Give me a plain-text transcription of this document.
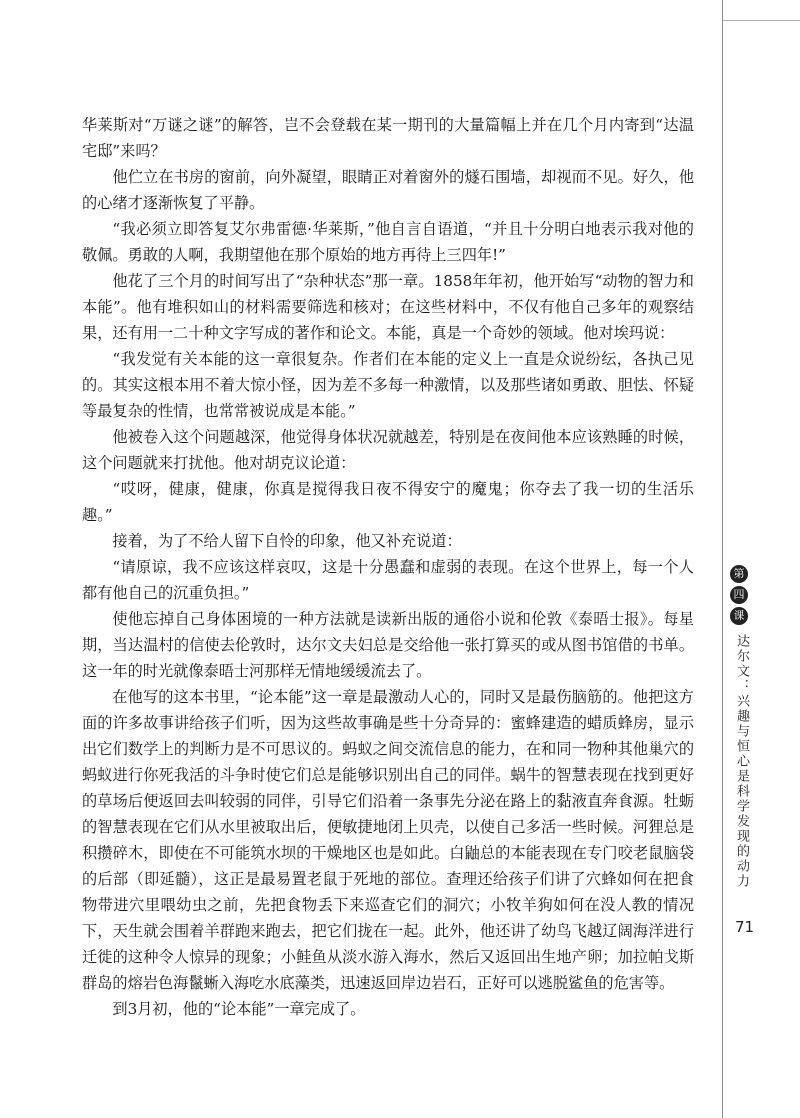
华莱斯对“万谜之谜”的解答，岂不会登载在某一期刊的大量篇幅上并在几个月内寄到“达温宅邸”来吗？

他伫立在书房的窗前，向外凝望，眼睛正对着窗外的燧石围墙，却视而不见。好久，他的心绪才逐渐恢复了平静。

“我必须立即答复艾尔弗雷德·华莱斯，”他自言自语道，“并且十分明白地表示我对他的敬佩。勇敢的人啊，我期望他在那个原始的地方再待上三四年!”

他花了三个月的时间写出了“杂种状态”那一章。1858年年初，他开始写“动物的智力和本能”。他有堆积如山的材料需要筛选和核对；在这些材料中，不仅有他自己多年的观察结果，还有用一二十种文字写成的著作和论文。本能，真是一个奇妙的领域。他对埃玛说：

“我发觉有关本能的这一章很复杂。作者们在本能的定义上一直是众说纷纭，各执己见的。其实这根本用不着大惊小怪，因为差不多每一种激情，以及那些诸如勇敢、胆怯、怀疑等最复杂的性情，也常常被说成是本能。”

他被卷入这个问题越深，他觉得身体状况就越差，特别是在夜间他本应该熟睡的时候，这个问题就来打扰他。他对胡克议论道：

“哎呀，健康，健康，你真是搅得我日夜不得安宁的魔鬼；你夺去了我一切的生活乐趣。”

接着，为了不给人留下自怜的印象，他又补充说道：

“请原谅，我不应该这样哀叹，这是十分愚蠢和虚弱的表现。在这个世界上，每一个人都有他自己的沉重负担。”

使他忘掉自己身体困境的一种方法就是读新出版的通俗小说和伦敦《泰晤士报》。每星期，当达温村的信使去伦敦时，达尔文夫妇总是交给他一张打算买的或从图书馆借的书单。这一年的时光就像泰晤士河那样无情地缓缓流去了。

在他写的这本书里，“论本能”这一章是最激动人心的，同时又是最伤脑筋的。他把这方面的许多故事讲给孩子们听，因为这些故事确是些十分奇异的：蜜蜂建造的蜡质蜂房，显示出它们数学上的判断力是不可思议的。蚂蚁之间交流信息的能力，在和同一物种其他巢穴的蚂蚁进行你死我活的斗争时使它们总是能够识别出自己的同伴。蜗牛的智慧表现在找到更好的草场后便返回去叫较弱的同伴，引导它们沿着一条事先分泌在路上的黏液直奔食源。牡蛎的智慧表现在它们从水里被取出后，便敏捷地闭上贝壳，以使自己多活一些时候。河狸总是积攒碎木，即使在不可能筑水坝的干燥地区也是如此。白鼬总的本能表现在专门咬老鼠脑袋的后部（即延髓），这正是最易置老鼠于死地的部位。查理还给孩子们讲了穴蜂如何在把食物带进穴里喂幼虫之前，先把食物丢下来巡查它们的洞穴；小牧羊狗如何在没人教的情况下，天生就会围着羊群跑来跑去，把它们拢在一起。此外，他还讲了幼鸟飞越辽阔海洋进行迁徙的这种令人惊异的现象；小鲑鱼从淡水游入海水，然后又返回出生地产卵；加拉帕戈斯群岛的熔岩色海鬣蜥入海吃水底藻类，迅速返回岸边岩石，正好可以逃脱鲨鱼的危害等。

到3月初，他的“论本能”一章完成了。

第
四
课
达尔文：兴趣与恒心是科学发现的动力
71
